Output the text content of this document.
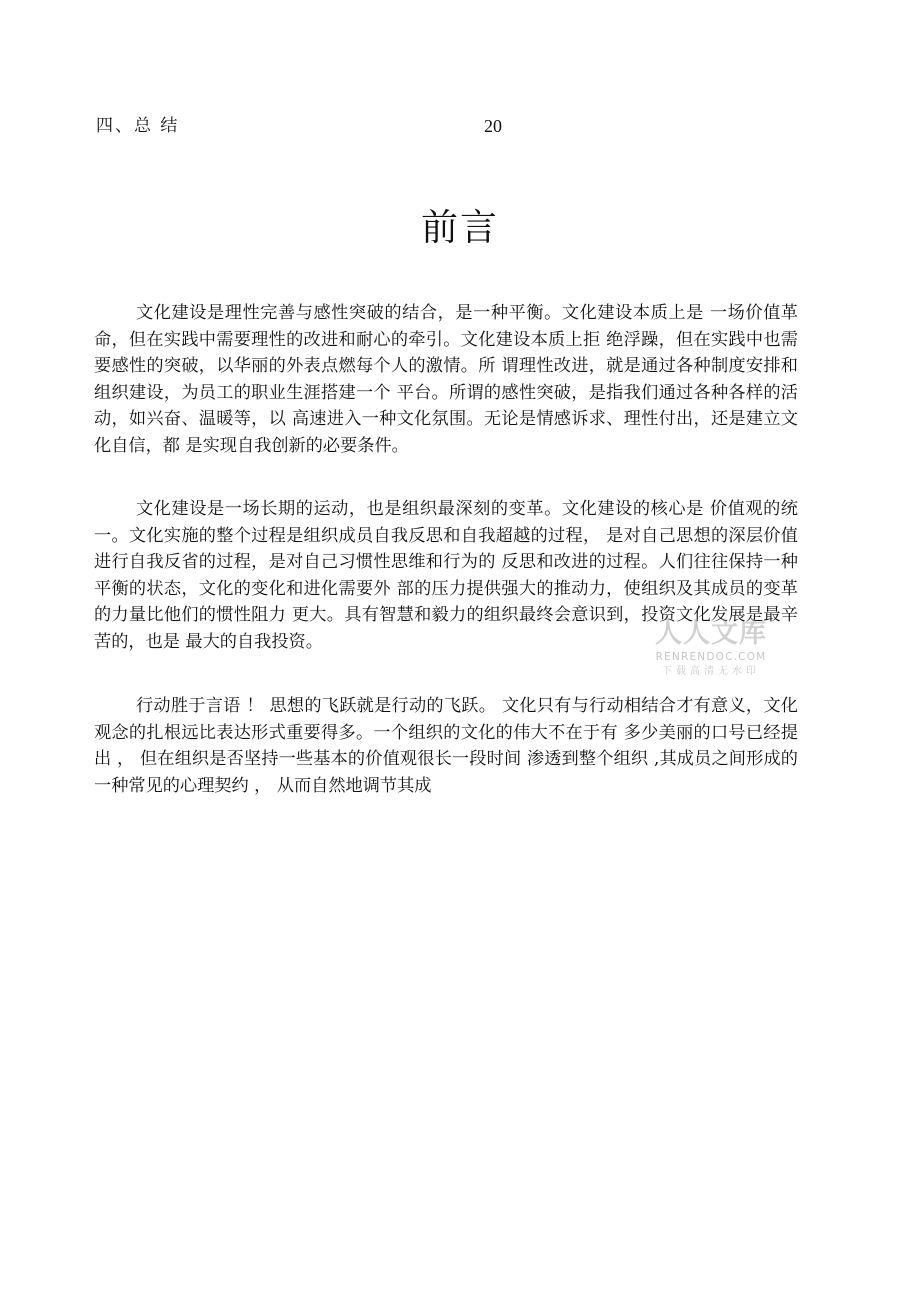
四、总 结	20
前言

文化建设是理性完善与感性突破的结合，是一种平衡。文化建设本质上是 一场价值革命，但在实践中需要理性的改进和耐心的牵引。文化建设本质上拒 绝浮躁，但在实践中也需要感性的突破，以华丽的外表点燃每个人的激情。所 谓理性改进，就是通过各种制度安排和组织建设，为员工的职业生涯搭建一个 平台。所谓的感性突破，是指我们通过各种各样的活动，如兴奋、温暖等，以 高速进入一种文化氛围。无论是情感诉求、理性付出，还是建立文化自信，都 是实现自我创新的必要条件。

文化建设是一场长期的运动，也是组织最深刻的变革。文化建设的核心是 价值观的统一。文化实施的整个过程是组织成员自我反思和自我超越的过程， 是对自己思想的深层价值进行自我反省的过程，是对自己习惯性思维和行为的 反思和改进的过程。人们往往保持一种平衡的状态，文化的变化和进化需要外 部的压力提供强大的推动力，使组织及其成员的变革的力量比他们的惯性阻力 更大。具有智慧和毅力的组织最终会意识到，投资文化发展是最辛苦的，也是 最大的自我投资。

行动胜于言语 ！ 思想的飞跃就是行动的飞跃。 文化只有与行动相结合才有意义，文化观念的扎根远比表达形式重要得多。一个组织的文化的伟大不在于有 多少美丽的口号已经提出 ， 但在组织是否坚持一些基本的价值观很长一段时间 渗透到整个组织 ,其成员之间形成的一种常见的心理契约 ， 从而自然地调节其成

人人文库
RENRENDOC.COM
下载高清无水印
